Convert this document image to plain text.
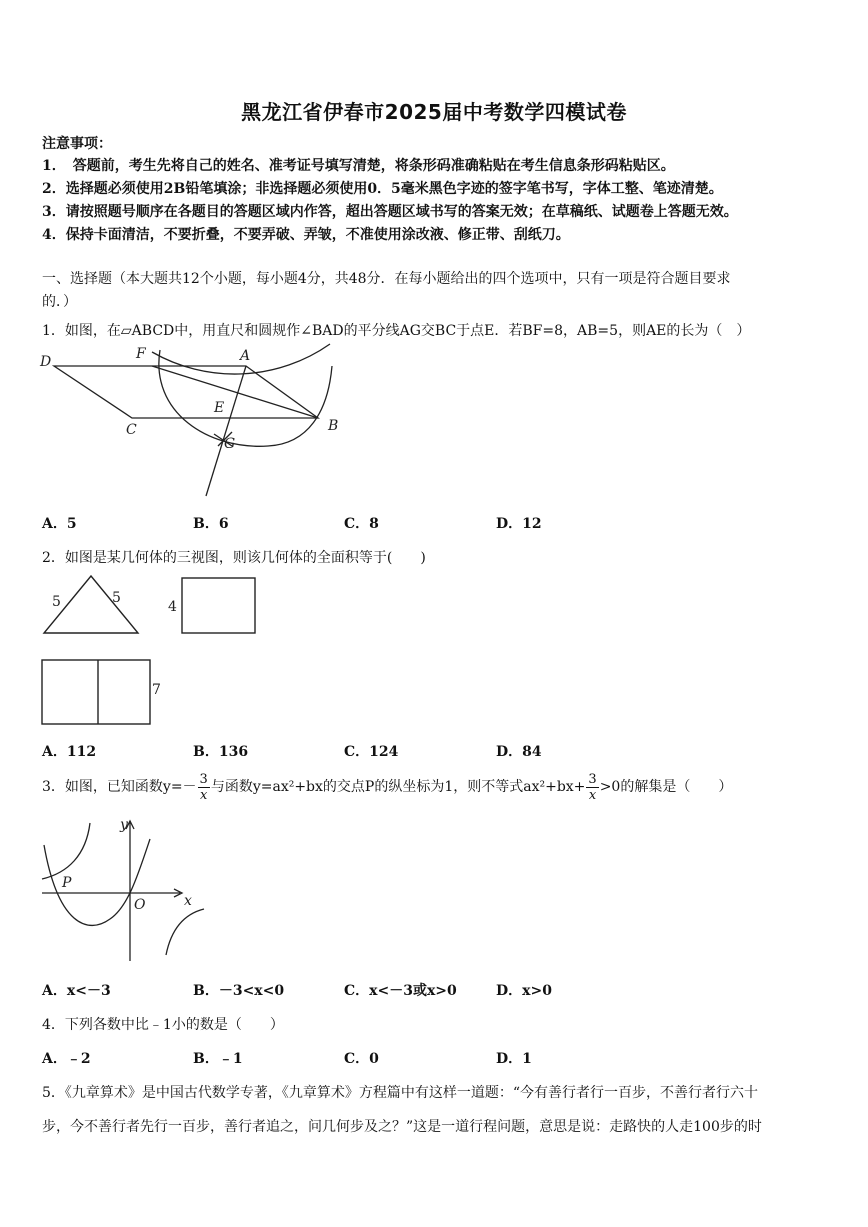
黑龙江省伊春市2025届中考数学四模试卷
注意事项：
1．　答题前，考生先将自己的姓名、准考证号填写清楚，将条形码准确粘贴在考生信息条形码粘贴区。
2．选择题必须使用2B铅笔填涂；非选择题必须使用0．5毫米黑色字迹的签字笔书写，字体工整、笔迹清楚。
3．请按照题号顺序在各题目的答题区域内作答，超出答题区域书写的答案无效；在草稿纸、试题卷上答题无效。
4．保持卡面清洁，不要折叠，不要弄破、弄皱，不准使用涂改液、修正带、刮纸刀。
一、选择题（本大题共12个小题，每小题4分，共48分．在每小题给出的四个选项中，只有一项是符合题目要求
的．）
1．如图，在▱ABCD中，用直尺和圆规作∠BAD的平分线AG交BC于点E．若BF=8，AB=5，则AE的长为（　）
D	F	A
E
C	B
G
A．5	B．6	C．8	D．12
2．如图是某几何体的三视图，则该几何体的全面积等于(　　)
5	5
4
7
A．112	B．136	C．124	D．84
3．如图，已知函数$y=- \frac{3}{x}$ 与函数y=ax²+bx的交点P的纵坐标为1，则不等式$ax^2+bx+ \frac{3}{x} >0$的解集是（　　）
y
x
P
O
A．x<－3	B．－3<x<0	C．x<－3或x>0	D．x>0
4．下列各数中比﹣1小的数是（　　）
A．﹣2	B．﹣1	C．0	D．1
5．《九章算术》是中国古代数学专著，《九章算术》方程篇中有这样一道题：“今有善行者行一百步，不善行者行六十
步，今不善行者先行一百步，善行者追之，问几何步及之？”这是一道行程问题，意思是说：走路快的人走100步的时
